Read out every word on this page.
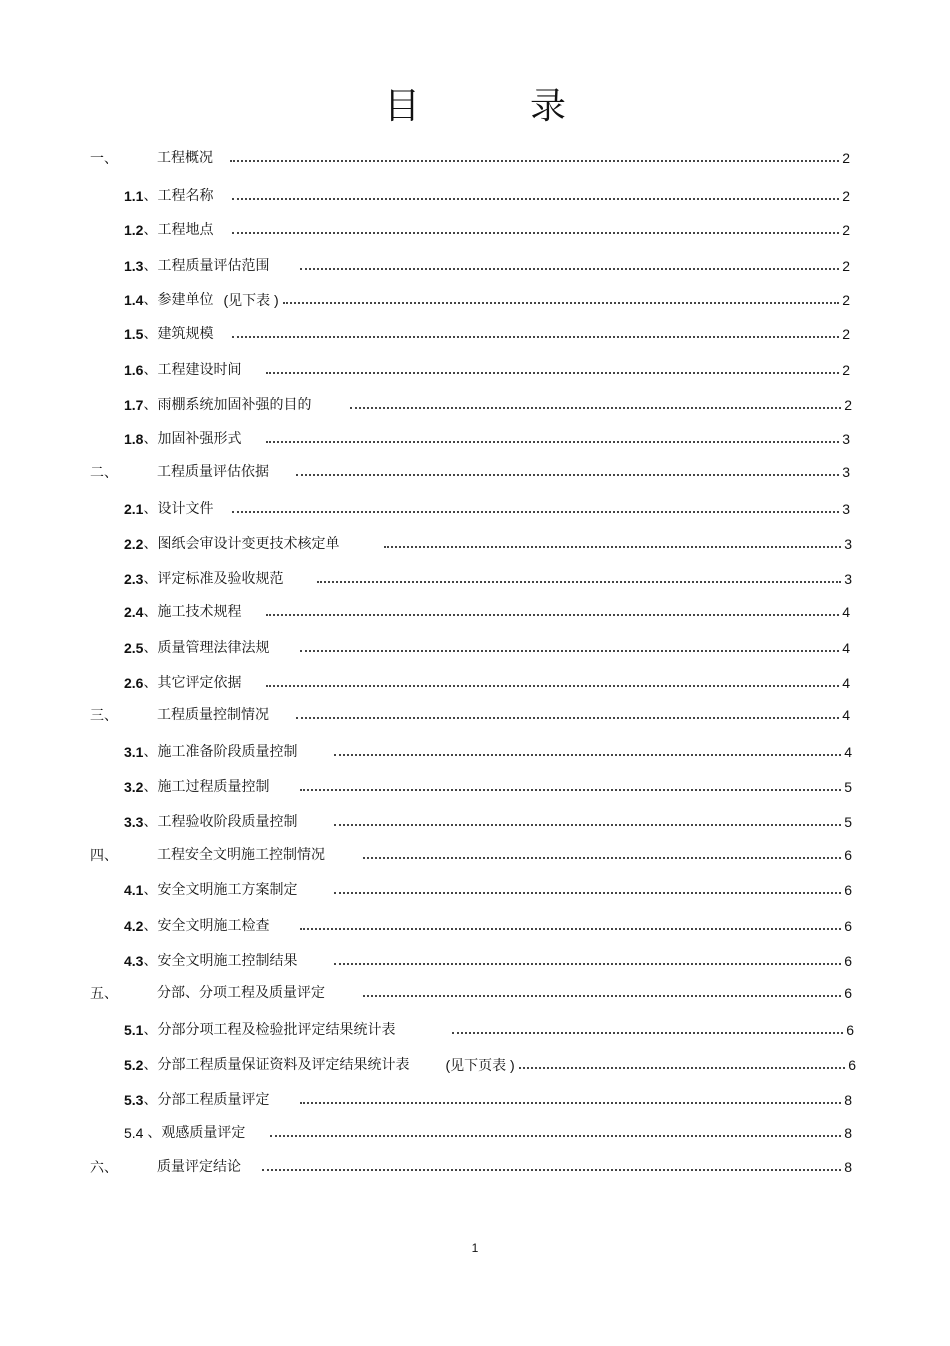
目	录
一、	工程概况	2
1.1 、 工程名称	2
1.2 、 工程地点	2
1.3 、 工程质量评估范围	2
1.4 、 参建单位 (见下表 )	2
1.5 、 建筑规模	2
1.6 、 工程建设时间	2
1.7 、 雨棚系统加固补强的目的	2
1.8 、 加固补强形式	3
二、	工程质量评估依据	3
2.1 、 设计文件	3
2.2 、 图纸会审设计变更技术核定单	3
2.3 、 评定标准及验收规范	3
2.4 、 施工技术规程	4
2.5 、 质量管理法律法规	4
2.6 、 其它评定依据	4
三、	工程质量控制情况	4
3.1 、 施工准备阶段质量控制	4
3.2 、 施工过程质量控制	5
3.3 、 工程验收阶段质量控制	5
四、	工程安全文明施工控制情况	6
4.1 、 安全文明施工方案制定	6
4.2 、 安全文明施工检查	6
4.3 、 安全文明施工控制结果	6
五、	分部、分项工程及质量评定	6
5.1 、 分部分项工程及检验批评定结果统计表	6
5.2 、 分部工程质量保证资料及评定结果统计表	(见下页表 )	6
5.3 、 分部工程质量评定	8
5.4 、 观感质量评定	8
六、	质量评定结论	8
1
